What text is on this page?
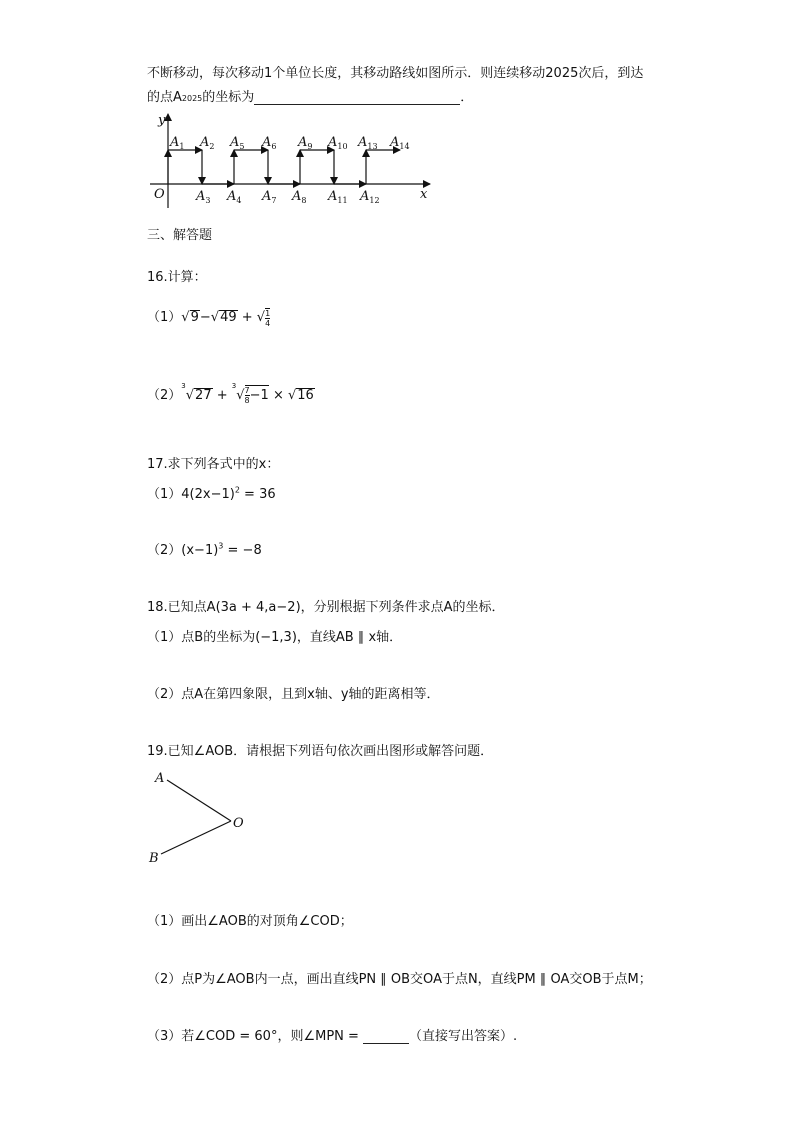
不断移动，每次移动1个单位长度，其移动路线如图所示．则连续移动2025次后，到达
的点A2025的坐标为	．
y
x
O
$A_1$ $A_2$ $A_5$ $A_6$ $A_9$ $A_{10}$ $A_{13}$ $A_{14}$
$A_3$ $A_4$ $A_7$ $A_8$ $A_{11}$ $A_{12}$
三、解答题
16.计算：
（1）√9−√49 + √ $\frac{1}{4}$
$(2)^3√27 + ^3√ \frac{7}{8} -1 \times √16$
17.求下列各式中的x：
$(1)4(2x-1)^2 = 36$
$(2)(x-1)^3 = -8$
18.已知点A(3a + 4,a−2)，分别根据下列条件求点A的坐标．
（1）点B的坐标为(−1,3)，直线AB ∥ x轴．
（2）点A在第四象限，且到x轴、y轴的距离相等．
19.已知∠AOB．请根据下列语句依次画出图形或解答问题．
A
O
B
（1）画出∠AOB的对顶角∠COD；
（2）点P为∠AOB内一点，画出直线PN ∥ OB交OA于点N，直线PM ∥ OA交OB于点M；
（3）若∠COD = 60°，则∠MPN =	（直接写出答案）.
